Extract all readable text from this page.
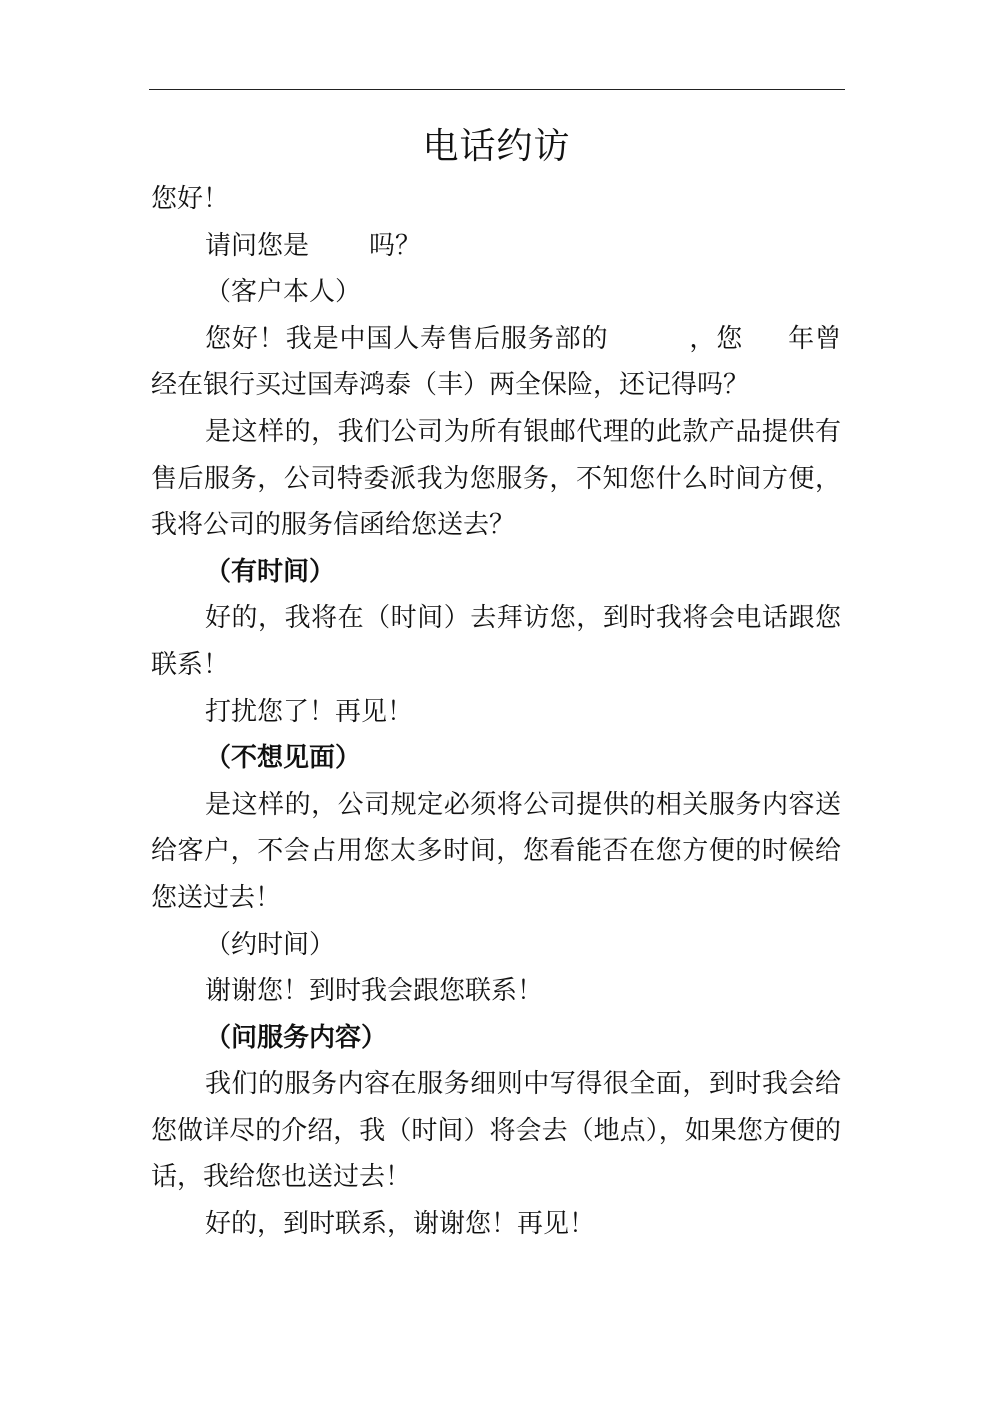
电话约访

您好！

请问您是 吗？

（客户本人）

您好！我是中国人寿售后服务部的	，您 年曾经在银行买过国寿鸿泰（丰）两全保险，还记得吗？

是这样的，我们公司为所有银邮代理的此款产品提供有售后服务，公司特委派我为您服务，不知您什么时间方便，我将公司的服务信函给您送去？

（有时间）

好的，我将在（时间）去拜访您，到时我将会电话跟您联系！

打扰您了！再见！

（不想见面）

是这样的，公司规定必须将公司提供的相关服务内容送给客户，不会占用您太多时间，您看能否在您方便的时候给您送过去！

（约时间）

谢谢您！到时我会跟您联系！

（问服务内容）

我们的服务内容在服务细则中写得很全面，到时我会给您做详尽的介绍，我（时间）将会去（地点），如果您方便的话，我给您也送过去！

好的，到时联系，谢谢您！再见！
